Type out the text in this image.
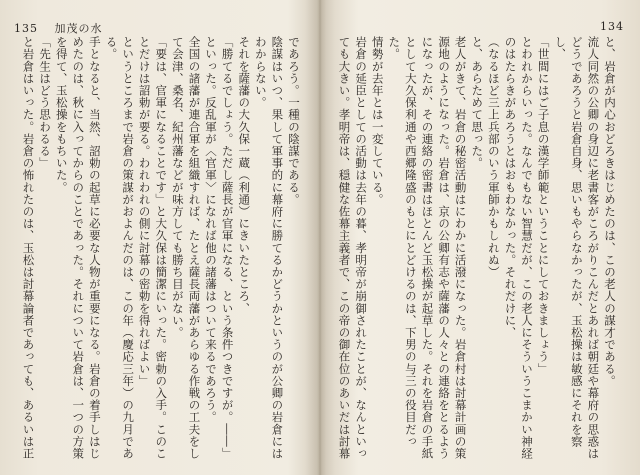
135 加茂の水

であろう。一種の陰謀である。

陰謀はいつ、果して軍事的に幕府に勝てるかどうかというのが公卿の岩倉にはわからない。

それを薩藩の大久保一蔵（利通）にきいたところ、

「勝てるでしょう。ただし薩長が官軍になる、という条件つきですが。――」

といった。反乱軍が〈官軍〉になれば他の諸藩はついて来るであろう。

全国の諸藩が連合軍を組織すれば、たとえ薩長両藩があらゆる作戦の工夫をして会津、桑名、紀州藩などが味方しても勝ち目がない。

「要は、官軍になることです」と大久保は簡潔にいった。密勅の入手。このことだけは詔勅が要る。われわれの側に討幕の密勅を得ればよい」

というところまで岩倉の策謀がおよんだのは、この年（慶応三年）の九月である。

手となると、当然、詔勅の起草に必要な人物が重要になる。岩倉の着手しはじめたのは、秋に入ってからのことであった。それについて岩倉は、一つの方策を得て、玉松操をもちいた。

「先生はどう思わるる」

と岩倉はいった。岩倉の怖れたのは、玉松は討幕論者であっても、あるいは正

134

と、岩倉が内心おどろきはじめたのは、この老人の謀才である。

流人同然の公卿の身辺に老書客がころがりこんだとあれば朝廷や幕府の思惑はどうであろうと岩倉自身、思いもやらなかったが、玉松操は敏感にそれを察し、

「世間にはご子息の漢学師範ということにしておきましょう」

とわれからいった。なんでもない智慧だが、この老人にそういうこまかい神経のはたらきがあろうとはおもわなかった。それだけに、

（なるほど三上兵部のいう軍師かもしれぬ）

と、あらためて思った。

老人がきて、岩倉の秘密活動はにわかに活潑になった。岩倉村は討幕計画の策源地のようになった。岩倉は、京の公卿有志や薩藩の人々との連絡をとるようになったが、その連絡の密書はほとんど玉松操が起草した。それを岩倉の手紙として大久保利通や西郷隆盛のもとにとどけるのは、下男の与三の役目だった。

情勢が去年とは一変している。

岩倉の延臣としての活動は去年の暮、孝明帝が崩御されたことが、なんといっても大きい。孝明帝は、穏健な佐幕主義者で、この帝の御在位のあいだは討幕
